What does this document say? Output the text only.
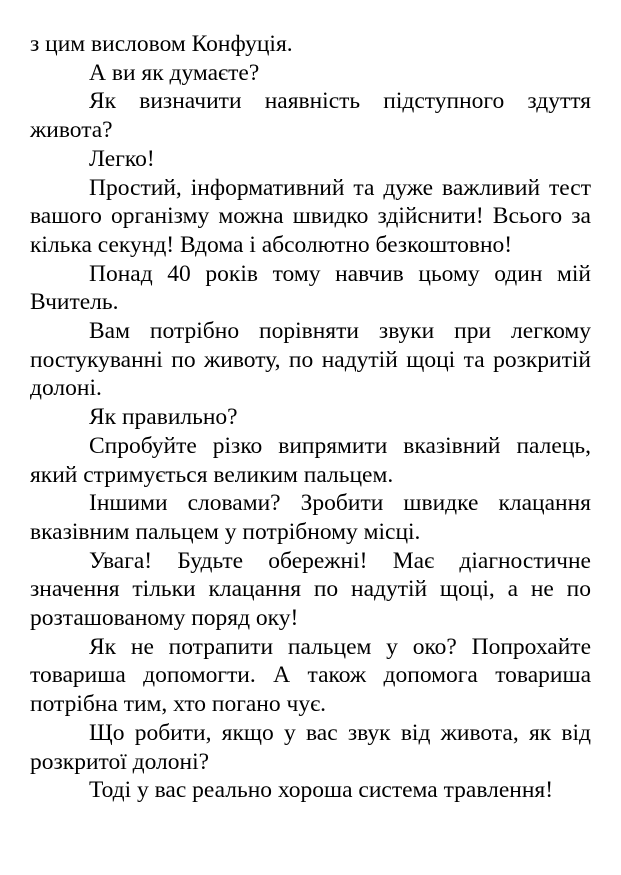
з цим висловом Конфуція.

А ви як думаєте?

Як визначити наявність підступного здуття живота?

Легко!

Простий, інформативний та дуже важливий тест вашого організму можна швидко здійснити! Всього за кілька секунд! Вдома і абсолютно безкоштовно!

Понад 40 років тому навчив цьому один мій Вчитель.

Вам потрібно порівняти звуки при легкому постукуванні по животу, по надутій щоці та розкритій долоні.

Як правильно?

Спробуйте різко випрямити вказівний палець, який стримується великим пальцем.

Іншими словами? Зробити швидке клацання вказівним пальцем у потрібному місці.

Увага! Будьте обережні! Має діагностичне значення тільки клацання по надутій щоці, а не по розташованому поряд оку!

Як не потрапити пальцем у око? Попрохайте товариша допомогти. А також допомога товариша потрібна тим, хто погано чує.

Що робити, якщо у вас звук від живота, як від розкритої долоні?

Тоді у вас реально хороша система травлення!
